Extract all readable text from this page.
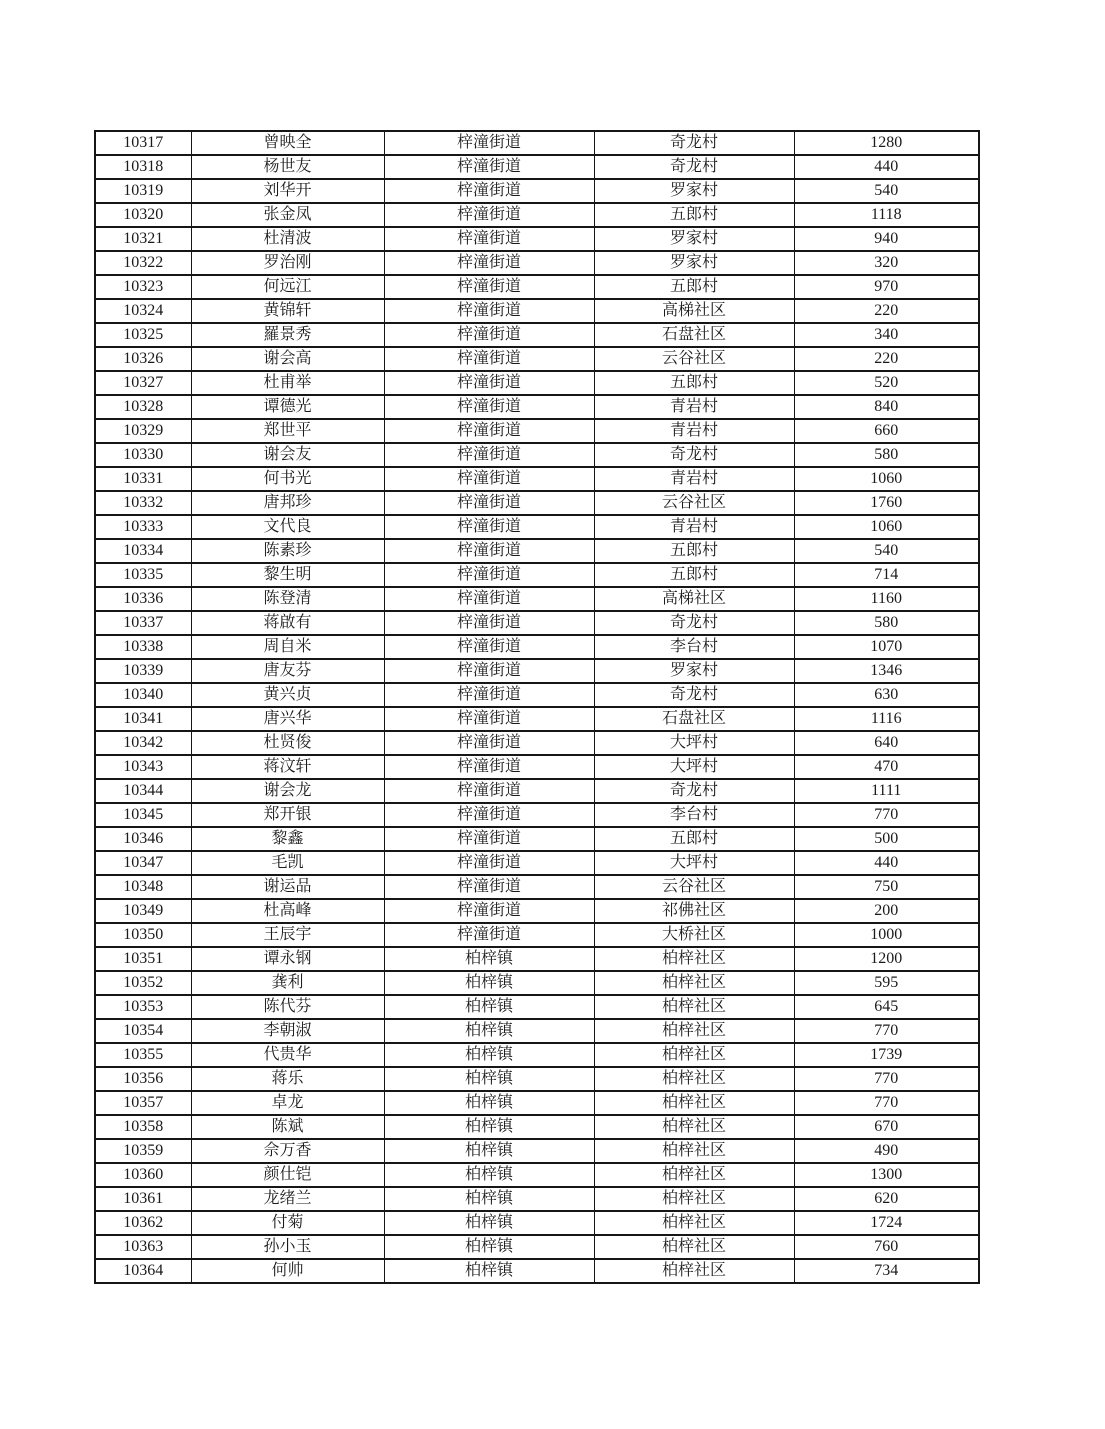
10317	曾映全	梓潼街道	奇龙村	1280
10318	杨世友	梓潼街道	奇龙村	440
10319	刘华开	梓潼街道	罗家村	540
10320	张金凤	梓潼街道	五郎村	1118
10321	杜清波	梓潼街道	罗家村	940
10322	罗治刚	梓潼街道	罗家村	320
10323	何远江	梓潼街道	五郎村	970
10324	黄锦轩	梓潼街道	高梯社区	220
10325	羅景秀	梓潼街道	石盘社区	340
10326	谢会高	梓潼街道	云谷社区	220
10327	杜甫举	梓潼街道	五郎村	520
10328	谭德光	梓潼街道	青岩村	840
10329	郑世平	梓潼街道	青岩村	660
10330	谢会友	梓潼街道	奇龙村	580
10331	何书光	梓潼街道	青岩村	1060
10332	唐邦珍	梓潼街道	云谷社区	1760
10333	文代良	梓潼街道	青岩村	1060
10334	陈素珍	梓潼街道	五郎村	540
10335	黎生明	梓潼街道	五郎村	714
10336	陈登清	梓潼街道	高梯社区	1160
10337	蒋啟有	梓潼街道	奇龙村	580
10338	周自米	梓潼街道	李台村	1070
10339	唐友芬	梓潼街道	罗家村	1346
10340	黄兴贞	梓潼街道	奇龙村	630
10341	唐兴华	梓潼街道	石盘社区	1116
10342	杜贤俊	梓潼街道	大坪村	640
10343	蒋汶轩	梓潼街道	大坪村	470
10344	谢会龙	梓潼街道	奇龙村	1111
10345	郑开银	梓潼街道	李台村	770
10346	黎鑫	梓潼街道	五郎村	500
10347	毛凯	梓潼街道	大坪村	440
10348	谢运品	梓潼街道	云谷社区	750
10349	杜高峰	梓潼街道	祁佛社区	200
10350	王辰宇	梓潼街道	大桥社区	1000
10351	谭永钢	柏梓镇	柏梓社区	1200
10352	龚利	柏梓镇	柏梓社区	595
10353	陈代芬	柏梓镇	柏梓社区	645
10354	李朝淑	柏梓镇	柏梓社区	770
10355	代贵华	柏梓镇	柏梓社区	1739
10356	蒋乐	柏梓镇	柏梓社区	770
10357	卓龙	柏梓镇	柏梓社区	770
10358	陈斌	柏梓镇	柏梓社区	670
10359	佘万香	柏梓镇	柏梓社区	490
10360	颜仕铠	柏梓镇	柏梓社区	1300
10361	龙绪兰	柏梓镇	柏梓社区	620
10362	付菊	柏梓镇	柏梓社区	1724
10363	孙小玉	柏梓镇	柏梓社区	760
10364	何帅	柏梓镇	柏梓社区	734
